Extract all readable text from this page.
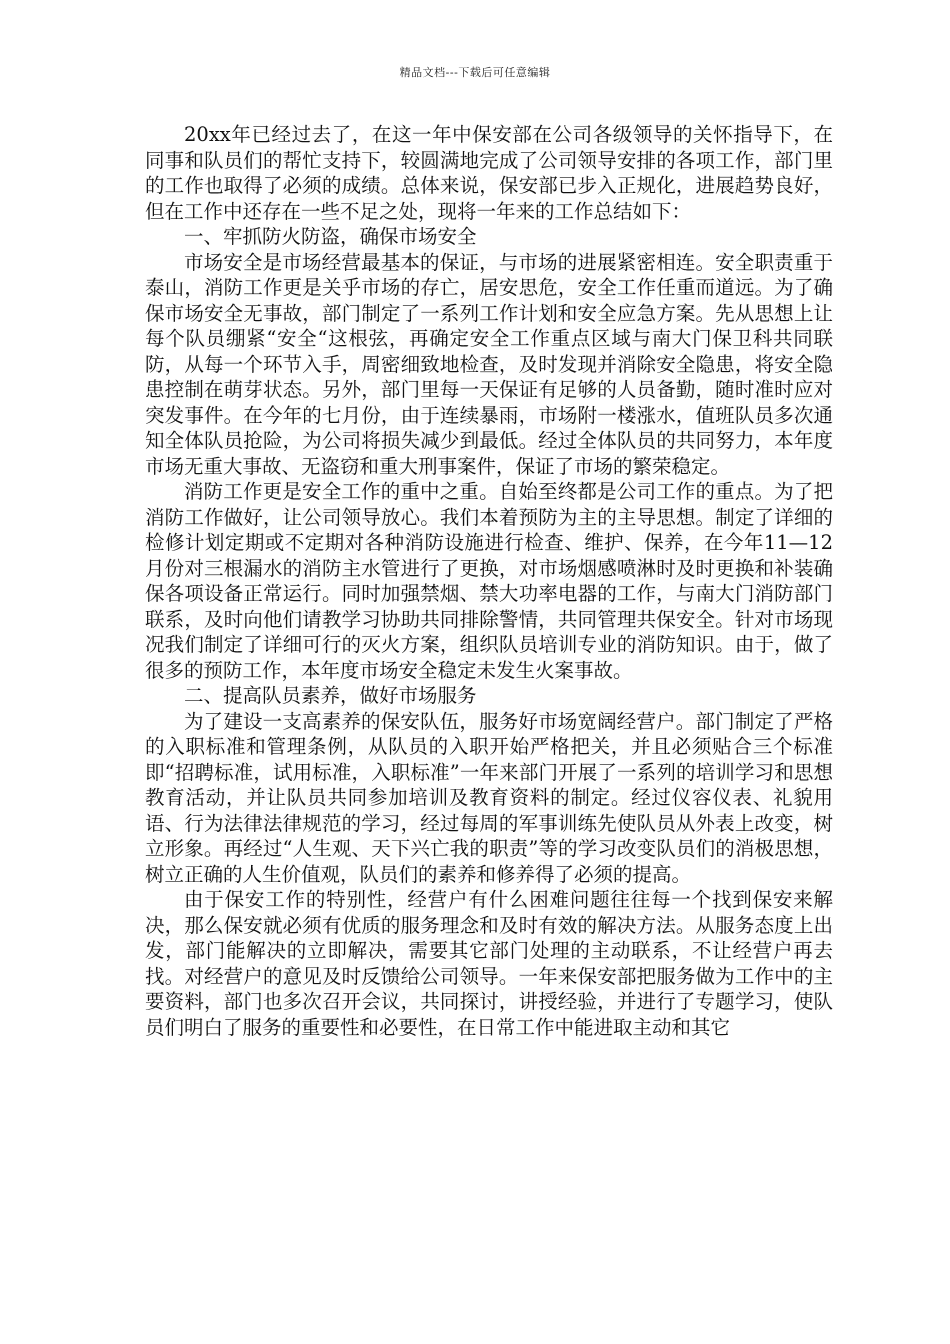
精品文档---下载后可任意编辑

20xx年已经过去了，在这一年中保安部在公司各级领导的关怀指导下，在同事和队员们的帮忙支持下，较圆满地完成了公司领导安排的各项工作，部门里的工作也取得了必须的成绩。总体来说，保安部已步入正规化，进展趋势良好，但在工作中还存在一些不足之处，现将一年来的工作总结如下：

一、牢抓防火防盗，确保市场安全

市场安全是市场经营最基本的保证，与市场的进展紧密相连。安全职责重于泰山，消防工作更是关乎市场的存亡，居安思危，安全工作任重而道远。为了确保市场安全无事故，部门制定了一系列工作计划和安全应急方案。先从思想上让每个队员绷紧“安全“这根弦，再确定安全工作重点区域与南大门保卫科共同联防，从每一个环节入手，周密细致地检查，及时发现并消除安全隐患，将安全隐患控制在萌芽状态。另外，部门里每一天保证有足够的人员备勤，随时准时应对突发事件。在今年的七月份，由于连续暴雨，市场附一楼涨水，值班队员多次通知全体队员抢险，为公司将损失减少到最低。经过全体队员的共同努力，本年度市场无重大事故、无盗窃和重大刑事案件，保证了市场的繁荣稳定。

消防工作更是安全工作的重中之重。自始至终都是公司工作的重点。为了把消防工作做好，让公司领导放心。我们本着预防为主的主导思想。制定了详细的检修计划定期或不定期对各种消防设施进行检查、维护、保养，在今年11—12月份对三根漏水的消防主水管进行了更换，对市场烟感喷淋时及时更换和补装确保各项设备正常运行。同时加强禁烟、禁大功率电器的工作，与南大门消防部门联系，及时向他们请教学习协助共同排除警情，共同管理共保安全。针对市场现况我们制定了详细可行的灭火方案，组织队员培训专业的消防知识。由于，做了很多的预防工作，本年度市场安全稳定未发生火案事故。

二、提高队员素养，做好市场服务

为了建设一支高素养的保安队伍，服务好市场宽阔经营户。部门制定了严格的入职标准和管理条例，从队员的入职开始严格把关，并且必须贴合三个标准即“招聘标准，试用标准，入职标准”一年来部门开展了一系列的培训学习和思想教育活动，并让队员共同参加培训及教育资料的制定。经过仪容仪表、礼貌用语、行为法律法律规范的学习，经过每周的军事训练先使队员从外表上改变，树立形象。再经过“人生观、天下兴亡我的职责”等的学习改变队员们的消极思想，树立正确的人生价值观，队员们的素养和修养得了必须的提高。

由于保安工作的特别性，经营户有什么困难问题往往每一个找到保安来解决，那么保安就必须有优质的服务理念和及时有效的解决方法。从服务态度上出发，部门能解决的立即解决，需要其它部门处理的主动联系，不让经营户再去找。对经营户的意见及时反馈给公司领导。一年来保安部把服务做为工作中的主要资料，部门也多次召开会议，共同探讨，讲授经验，并进行了专题学习，使队员们明白了服务的重要性和必要性，在日常工作中能进取主动和其它
